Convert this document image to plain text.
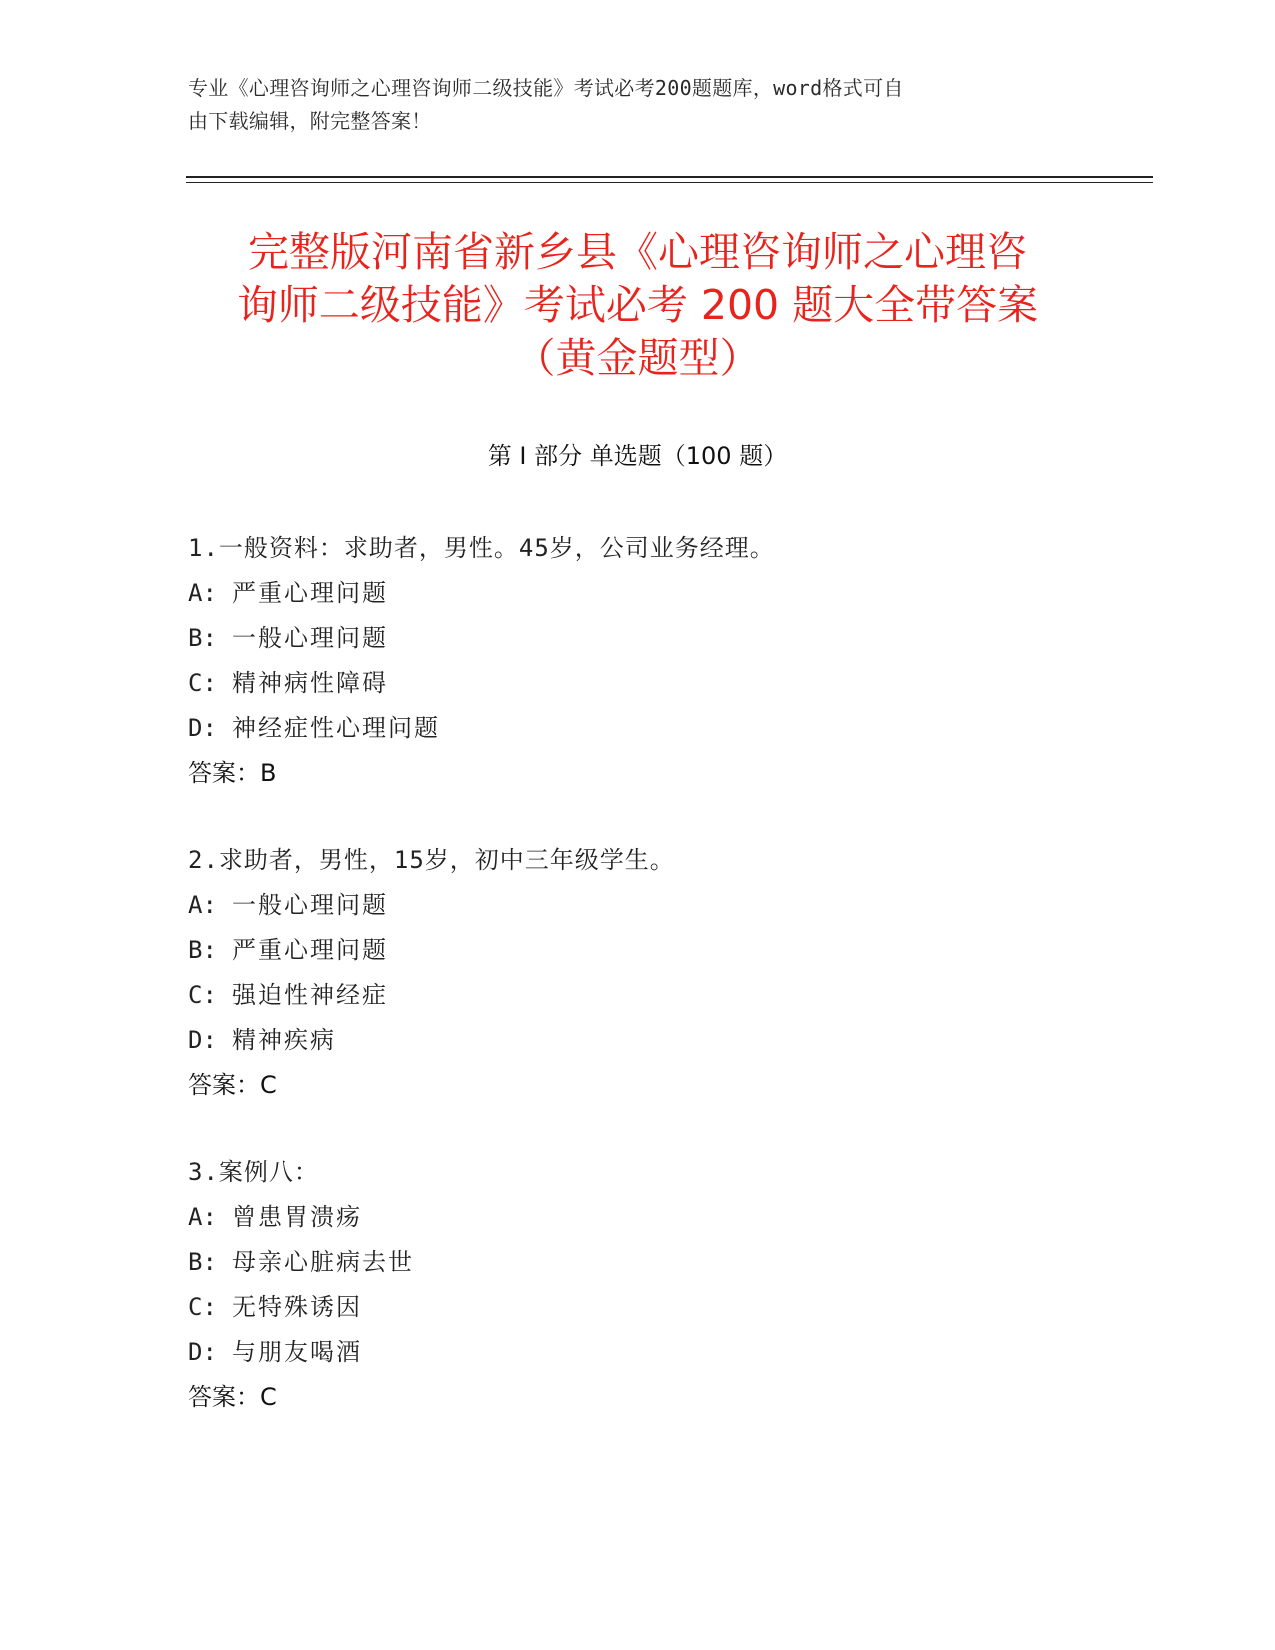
专业《心理咨询师之心理咨询师二级技能》考试必考200题题库，word格式可自
由下载编辑，附完整答案！
完整版河南省新乡县《心理咨询师之心理咨
询师二级技能》考试必考 200 题大全带答案
（黄金题型）
第 I 部分 单选题（100 题）
1.一般资料：求助者，男性。45岁，公司业务经理。
A: 严重心理问题
B: 一般心理问题
C: 精神病性障碍
D: 神经症性心理问题
答案：B
2.求助者，男性，15岁，初中三年级学生。
A: 一般心理问题
B: 严重心理问题
C: 强迫性神经症
D: 精神疾病
答案：C
3.案例八：
A: 曾患胃溃疡
B: 母亲心脏病去世
C: 无特殊诱因
D: 与朋友喝酒
答案：C
